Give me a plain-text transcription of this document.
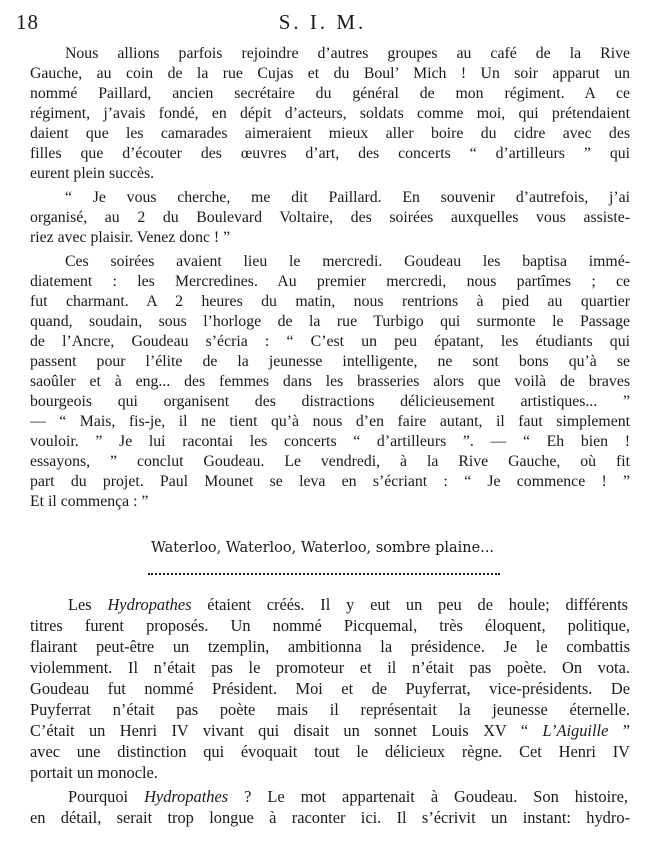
18	S. I. M.
Nous allions parfois rejoindre d’autres groupes au café de la Rive
Gauche, au coin de la rue Cujas et du Boul’ Mich ! Un soir apparut un
nommé Paillard, ancien secrétaire du général de mon régiment. A ce
régiment, j’avais fondé, en dépit d’acteurs, soldats comme moi, qui prétendaient
daient que les camarades aimeraient mieux aller boire du cidre avec des
filles que d’écouter des œuvres d’art, des concerts “ d’artilleurs ” qui
eurent plein succès.
“ Je vous cherche, me dit Paillard. En souvenir d’autrefois, j’ai
organisé, au 2 du Boulevard Voltaire, des soirées auxquelles vous assiste-
riez avec plaisir. Venez donc ! ”
Ces soirées avaient lieu le mercredi. Goudeau les baptisa immé-
diatement : les Mercredines. Au premier mercredi, nous partîmes ; ce
fut charmant. A 2 heures du matin, nous rentrions à pied au quartier
quand, soudain, sous l’horloge de la rue Turbigo qui surmonte le Passage
de l’Ancre, Goudeau s’écria : “ C’est un peu épatant, les étudiants qui
passent pour l’élite de la jeunesse intelligente, ne sont bons qu’à se
saoûler et à eng... des femmes dans les brasseries alors que voilà de braves
bourgeois qui organisent des distractions délicieusement artistiques... ”
— “ Mais, fis-je, il ne tient qu’à nous d’en faire autant, il faut simplement
vouloir. ” Je lui racontai les concerts “ d’artilleurs ”. — “ Eh bien !
essayons, ” conclut Goudeau. Le vendredi, à la Rive Gauche, où fit
part du projet. Paul Mounet se leva en s’écriant : “ Je commence ! ”
Et il commença : ”
Waterloo, Waterloo, Waterloo, sombre plaine...
Les Hydropathes étaient créés. Il y eut un peu de houle; différents
titres furent proposés. Un nommé Picquemal, très éloquent, politique,
flairant peut-être un tzemplin, ambitionna la présidence. Je le combattis
violemment. Il n’était pas le promoteur et il n’était pas poète. On vota.
Goudeau fut nommé Président. Moi et de Puyferrat, vice-présidents. De
Puyferrat n’était pas poète mais il représentait la jeunesse éternelle.
C’était un Henri IV vivant qui disait un sonnet Louis XV “ L’Aiguille ”
avec une distinction qui évoquait tout le délicieux règne. Cet Henri IV
portait un monocle.
Pourquoi Hydropathes ? Le mot appartenait à Goudeau. Son histoire,
en détail, serait trop longue à raconter ici. Il s’écrivit un instant: hydro-
